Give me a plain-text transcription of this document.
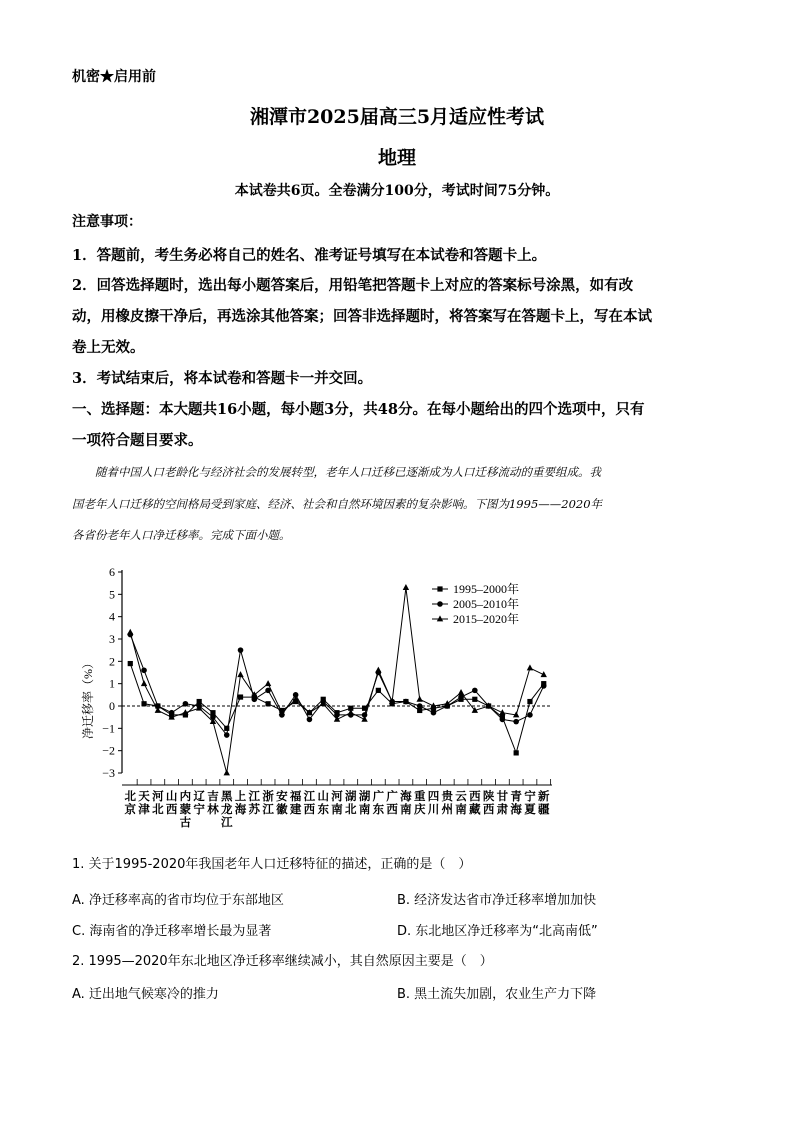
机密★启用前
湘潭市2025届高三5月适应性考试
地理
本试卷共6页。全卷满分100分，考试时间75分钟。
注意事项：
1．答题前，考生务必将自己的姓名、准考证号填写在本试卷和答题卡上。
2．回答选择题时，选出每小题答案后，用铅笔把答题卡上对应的答案标号涂黑，如有改
动，用橡皮擦干净后，再选涂其他答案；回答非选择题时，将答案写在答题卡上，写在本试
卷上无效。
3．考试结束后，将本试卷和答题卡一并交回。
一、选择题：本大题共16小题，每小题3分，共48分。在每小题给出的四个选项中，只有
一项符合题目要求。
随着中国人口老龄化与经济社会的发展转型，老年人口迁移已逐渐成为人口迁移流动的重要组成。我
国老年人口迁移的空间格局受到家庭、经济、社会和自然环境因素的复杂影响。下图为1995——2020年
各省份老年人口净迁移率。完成下面小题。
6
5
4
3
2
1
0
−1
−2
−3
净迁移率（%）
北
京
天
津
河
北
山
西
内
蒙
古
辽
宁
吉
林
黑
龙
江
上
海
江
苏
浙
江
安
徽
福
建
江
西
山
东
河
南
湖
北
湖
南
广
东
广
西
海
南
重
庆
四
川
贵
州
云
南
西
藏
陕
西
甘
肃
青
海
宁
夏
新
疆
1995–2000年
2005–2010年
2015–2020年
1. 关于1995-2020年我国老年人口迁移特征的描述，正确的是（　）
A. 净迁移率高的省市均位于东部地区	B. 经济发达省市净迁移率增加加快
C. 海南省的净迁移率增长最为显著	D. 东北地区净迁移率为“北高南低”
2. 1995—2020年东北地区净迁移率继续减小，其自然原因主要是（　）
A. 迁出地气候寒冷的推力	B. 黑土流失加剧，农业生产力下降
